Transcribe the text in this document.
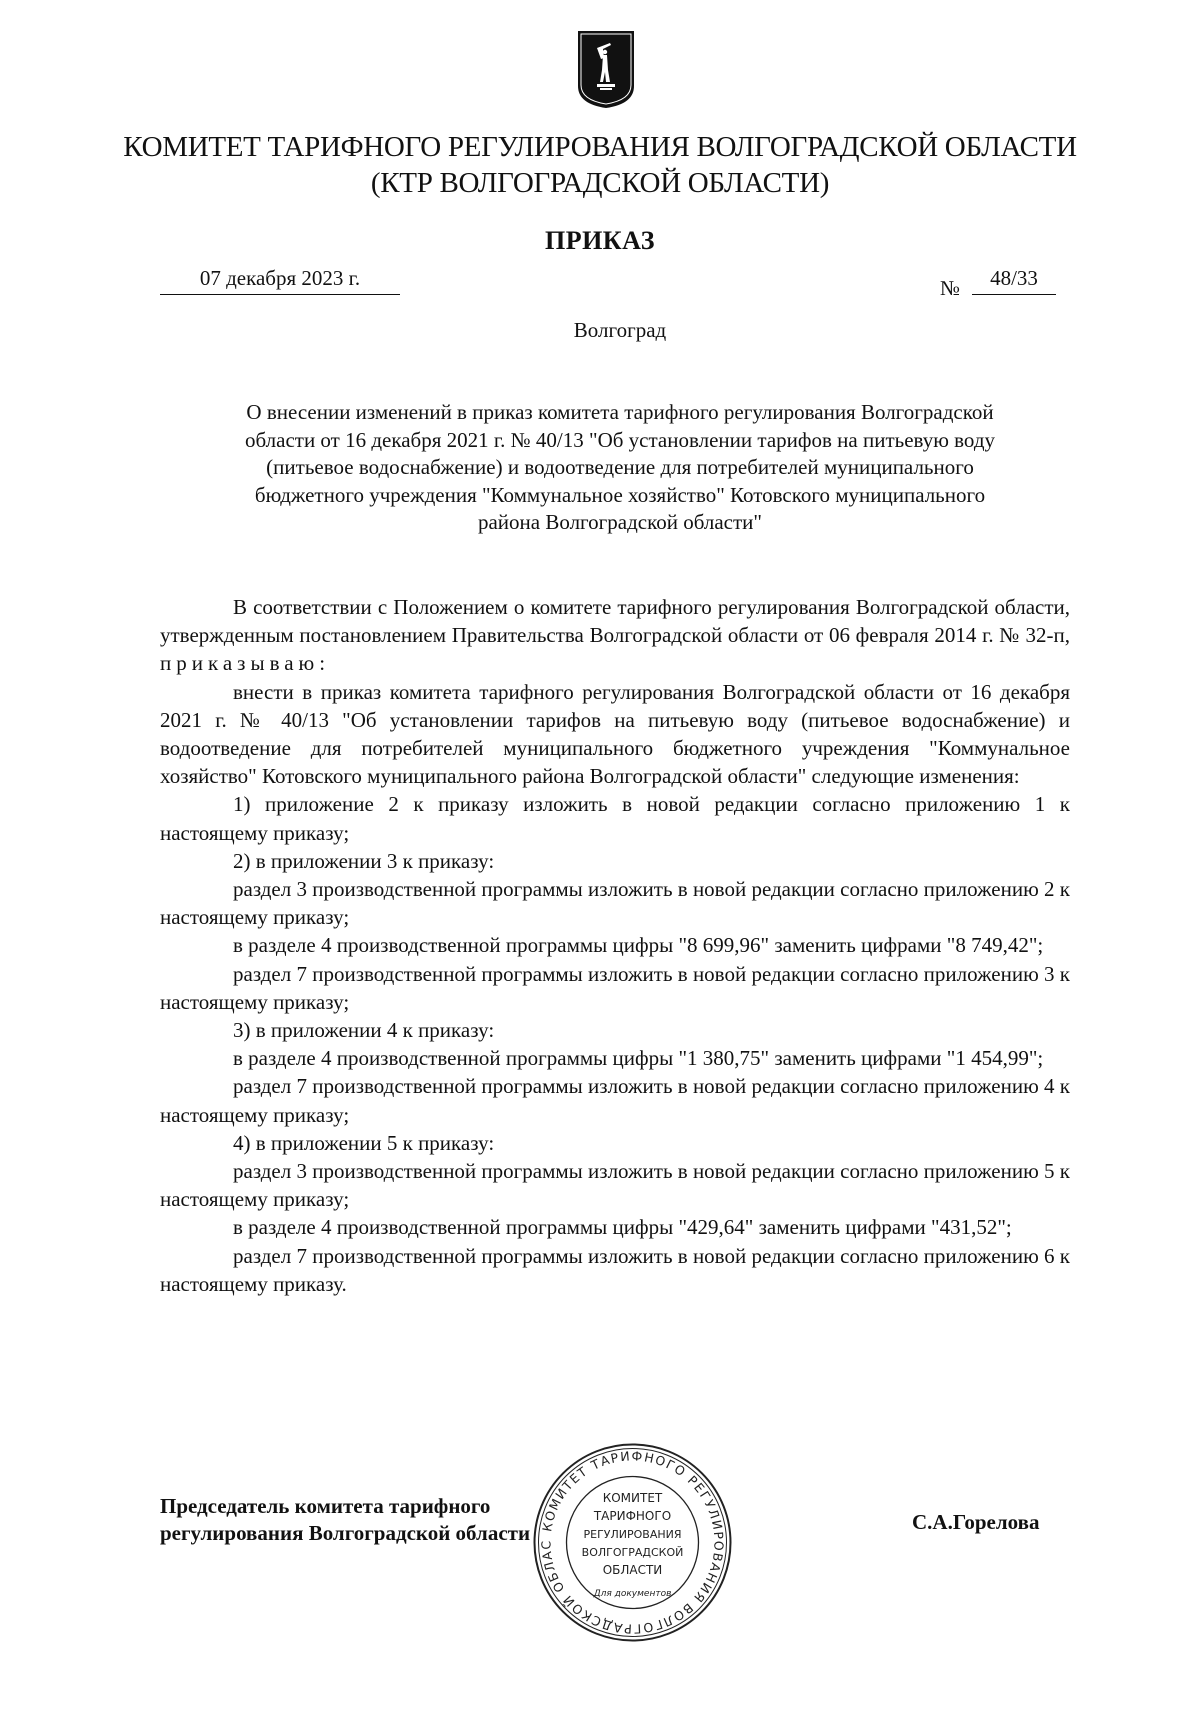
КОМИТЕТ ТАРИФНОГО РЕГУЛИРОВАНИЯ ВОЛГОГРАДСКОЙ ОБЛАСТИ
(КТР ВОЛГОГРАДСКОЙ ОБЛАСТИ)
ПРИКАЗ
07 декабря 2023 г.	№	48/33
Волгоград
О внесении изменений в приказ комитета тарифного регулирования Волгоградской
области от 16 декабря 2021 г. № 40/13 "Об установлении тарифов на питьевую воду
(питьевое водоснабжение) и водоотведение для потребителей муниципального
бюджетного учреждения "Коммунальное хозяйство" Котовского муниципального
района Волгоградской области"

В соответствии с Положением о комитете тарифного регулирования Волгоградской области, утвержденным постановлением Правительства Волгоградской области от 06 февраля 2014 г. № 32-п, приказываю:

внести в приказ комитета тарифного регулирования Волгоградской области от 16 декабря 2021 г. № 40/13 "Об установлении тарифов на питьевую воду (питьевое водоснабжение) и водоотведение для потребителей муниципального бюджетного учреждения "Коммунальное хозяйство" Котовского муниципального района Волгоградской области" следующие изменения:

1) приложение 2 к приказу изложить в новой редакции согласно приложению 1 к настоящему приказу;

2) в приложении 3 к приказу:

раздел 3 производственной программы изложить в новой редакции согласно приложению 2 к настоящему приказу;

в разделе 4 производственной программы цифры "8 699,96" заменить цифрами "8 749,42";

раздел 7 производственной программы изложить в новой редакции согласно приложению 3 к настоящему приказу;

3) в приложении 4 к приказу:

в разделе 4 производственной программы цифры "1 380,75" заменить цифрами "1 454,99";

раздел 7 производственной программы изложить в новой редакции согласно приложению 4 к настоящему приказу;

4) в приложении 5 к приказу:

раздел 3 производственной программы изложить в новой редакции согласно приложению 5 к настоящему приказу;

в разделе 4 производственной программы цифры "429,64" заменить цифрами "431,52";

раздел 7 производственной программы изложить в новой редакции согласно приложению 6 к настоящему приказу.

Председатель комитета тарифного
регулирования Волгоградской области	С.А.Горелова
КОМИТЕТ ТАРИФНОГО РЕГУЛИРОВАНИЯ ВОЛГОГРАДСКОЙ ОБЛАС
КОМИТЕТ
ТАРИФНОГО
РЕГУЛИРОВАНИЯ
ВОЛГОГРАДСКОЙ
ОБЛАСТИ
Для документов
